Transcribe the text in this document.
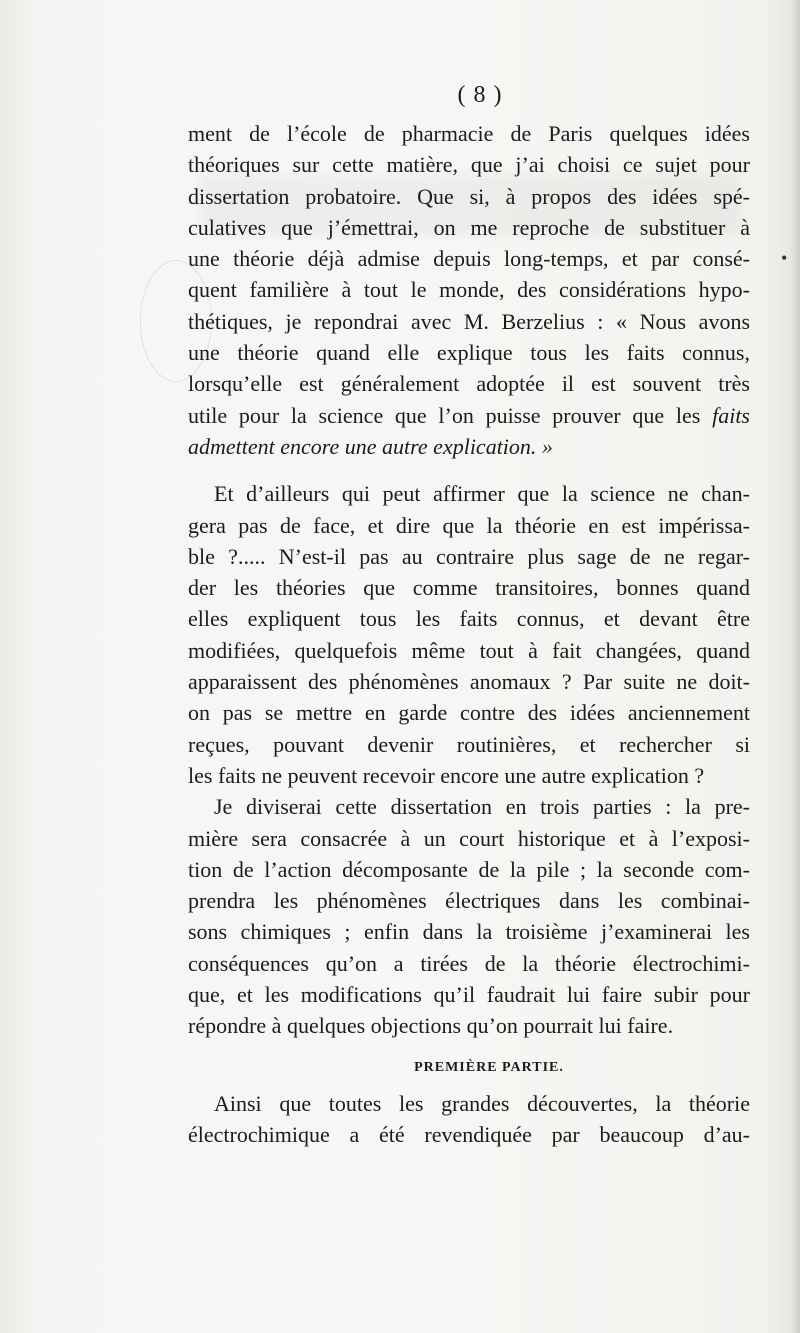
•
( 8 )
ment de l’école de pharmacie de Paris quelques idées
théoriques sur cette matière, que j’ai choisi ce sujet pour
dissertation probatoire. Que si, à propos des idées spé-
culatives que j’émettrai, on me reproche de substituer à
une théorie déjà admise depuis long-temps, et par consé-
quent familière à tout le monde, des considérations hypo-
thétiques, je repondrai avec M. Berzelius : « Nous avons
une théorie quand elle explique tous les faits connus,
lorsqu’elle est généralement adoptée il est souvent très
utile pour la science que l’on puisse prouver que les faits
admettent encore une autre explication. »
Et d’ailleurs qui peut affirmer que la science ne chan-
gera pas de face, et dire que la théorie en est impérissa-
ble ?..... N’est-il pas au contraire plus sage de ne regar-
der les théories que comme transitoires, bonnes quand
elles expliquent tous les faits connus, et devant être
modifiées, quelquefois même tout à fait changées, quand
apparaissent des phénomènes anomaux ? Par suite ne doit-
on pas se mettre en garde contre des idées anciennement
reçues, pouvant devenir routinières, et rechercher si
les faits ne peuvent recevoir encore une autre explication ?
Je diviserai cette dissertation en trois parties : la pre-
mière sera consacrée à un court historique et à l’exposi-
tion de l’action décomposante de la pile ; la seconde com-
prendra les phénomènes électriques dans les combinai-
sons chimiques ; enfin dans la troisième j’examinerai les
conséquences qu’on a tirées de la théorie électrochimi-
que, et les modifications qu’il faudrait lui faire subir pour
répondre à quelques objections qu’on pourrait lui faire.
PREMIÈRE PARTIE.
Ainsi que toutes les grandes découvertes, la théorie
électrochimique a été revendiquée par beaucoup d’au-
